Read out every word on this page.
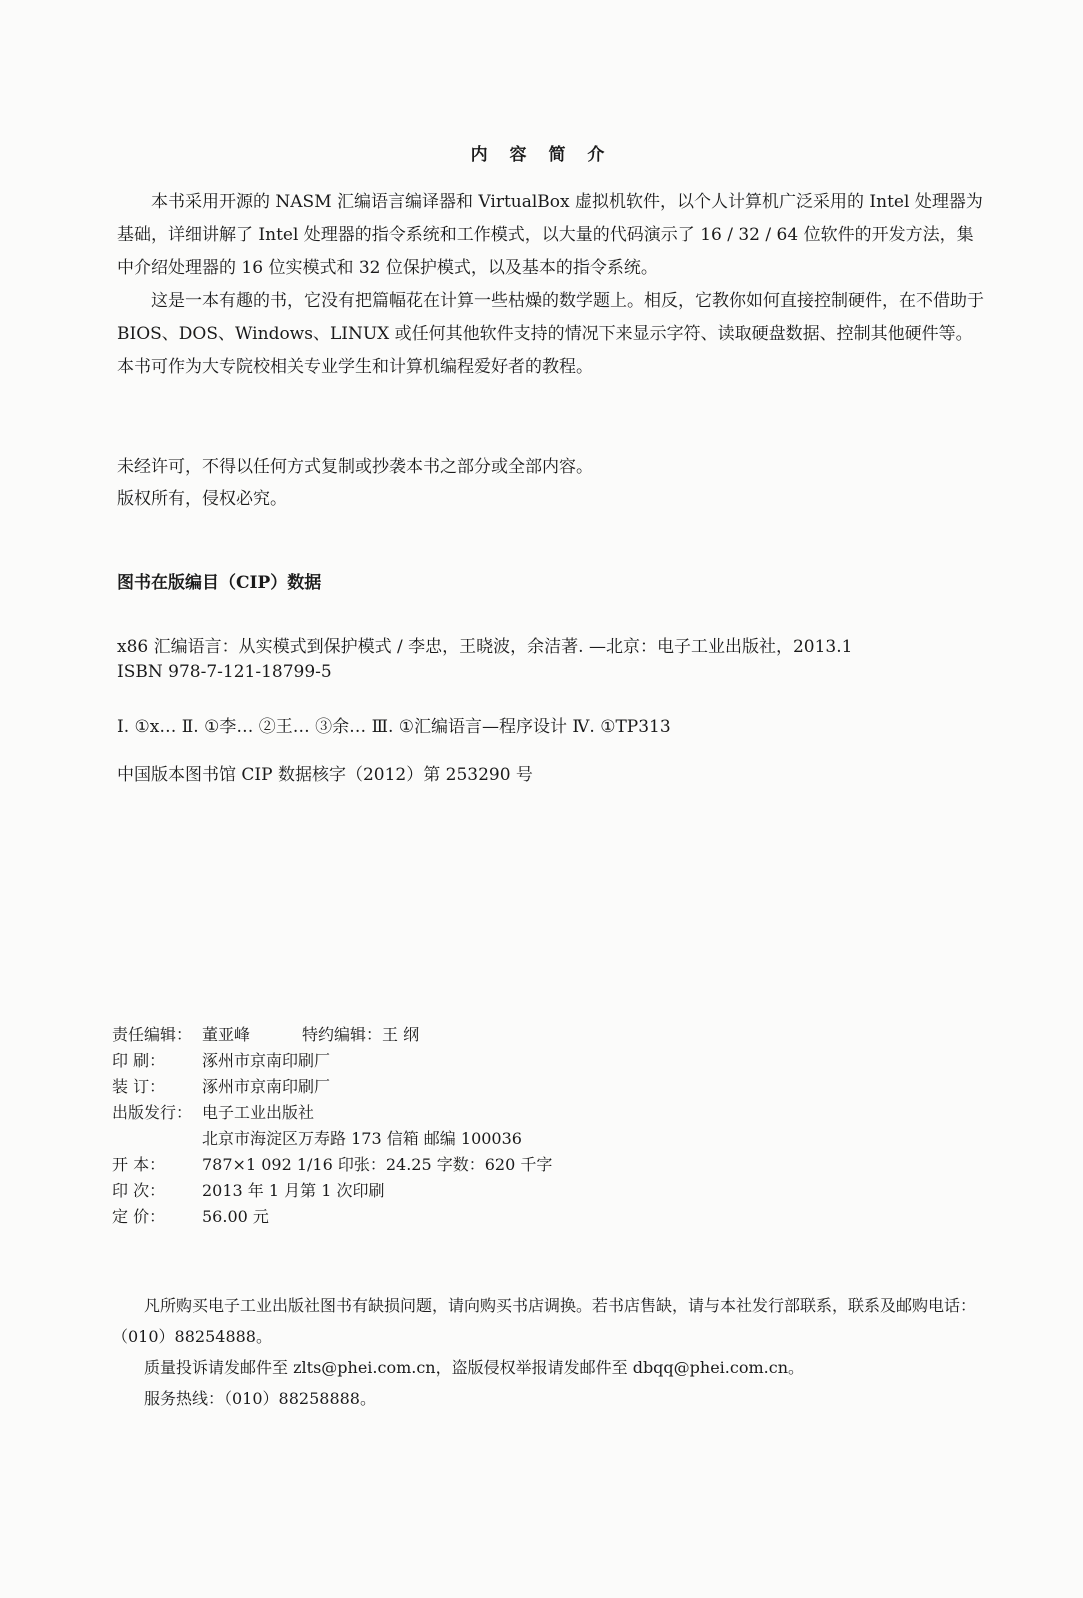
内 容 简 介

本书采用开源的 NASM 汇编语言编译器和 VirtualBox 虚拟机软件，以个人计算机广泛采用的 Intel 处理器为基础，详细讲解了 Intel 处理器的指令系统和工作模式，以大量的代码演示了 16 / 32 / 64 位软件的开发方法，集中介绍处理器的 16 位实模式和 32 位保护模式，以及基本的指令系统。

这是一本有趣的书，它没有把篇幅花在计算一些枯燥的数学题上。相反，它教你如何直接控制硬件，在不借助于 BIOS、DOS、Windows、LINUX 或任何其他软件支持的情况下来显示字符、读取硬盘数据、控制其他硬件等。本书可作为大专院校相关专业学生和计算机编程爱好者的教程。

未经许可，不得以任何方式复制或抄袭本书之部分或全部内容。
版权所有，侵权必究。
图书在版编目（CIP）数据
x86 汇编语言：从实模式到保护模式 / 李忠，王晓波，余洁著. —北京：电子工业出版社，2013.1
ISBN 978-7-121-18799-5
Ⅰ. ①x… Ⅱ. ①李… ②王… ③余… Ⅲ. ①汇编语言—程序设计 Ⅳ. ①TP313
中国版本图书馆 CIP 数据核字（2012）第 253290 号
责任编辑： 董亚峰	特约编辑：王 纲
印 刷：	涿州市京南印刷厂
装 订：	涿州市京南印刷厂
出版发行： 电子工业出版社
北京市海淀区万寿路 173 信箱 邮编 100036
开 本：	787×1 092 1/16 印张：24.25 字数：620 千字
印 次：	2013 年 1 月第 1 次印刷
定 价：	56.00 元

凡所购买电子工业出版社图书有缺损问题，请向购买书店调换。若书店售缺，请与本社发行部联系，联系及邮购电话：（010）88254888。

质量投诉请发邮件至 zlts@phei.com.cn，盗版侵权举报请发邮件至 dbqq@phei.com.cn。

服务热线：（010）88258888。
